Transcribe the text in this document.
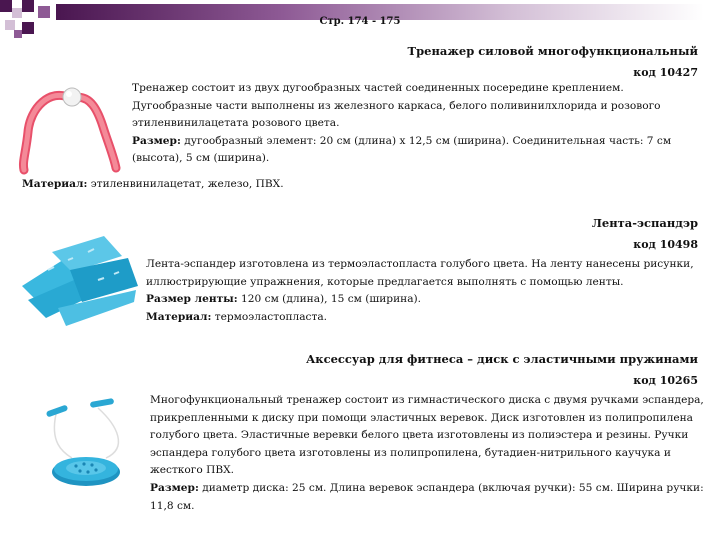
Стр. 174 - 175
Тренажер силовой многофункциональный
код 10427
Тренажер состоит из двух дугообразных частей соединенных посередине креплением. Дугообразные части выполнены из железного каркаса, белого поливинилхлорида и розового этиленвинилацетата розового цвета.
Размер: дугообразный элемент: 20 см (длина) х 12,5 см (ширина). Соединительная часть: 7 см (высота), 5 см (ширина).
Материал: этиленвинилацетат, железо, ПВХ.
Лента-эспандэр
код 10498
Лента-эспандер изготовлена из термоэластопласта голубого цвета. На ленту нанесены рисунки, иллюстрирующие упражнения, которые предлагается выполнять с помощью ленты.
Размер ленты: 120 см (длина), 15 см (ширина).
Материал: термоэластопласта.
Аксессуар для фитнеса – диск с эластичными пружинами
код 10265
Многофункциональный тренажер состоит из гимнастического диска с двумя ручками эспандера, прикрепленными к диску при помощи эластичных веревок. Диск изготовлен из полипропилена голубого цвета. Эластичные веревки белого цвета изготовлены из полиэстера и резины. Ручки эспандера голубого цвета изготовлены из полипропилена, бутадиен-нитрильного каучука и жесткого ПВХ.
Размер: диаметр диска: 25 см. Длина веревок эспандера (включая ручки): 55 см. Ширина ручки: 11,8 см.
